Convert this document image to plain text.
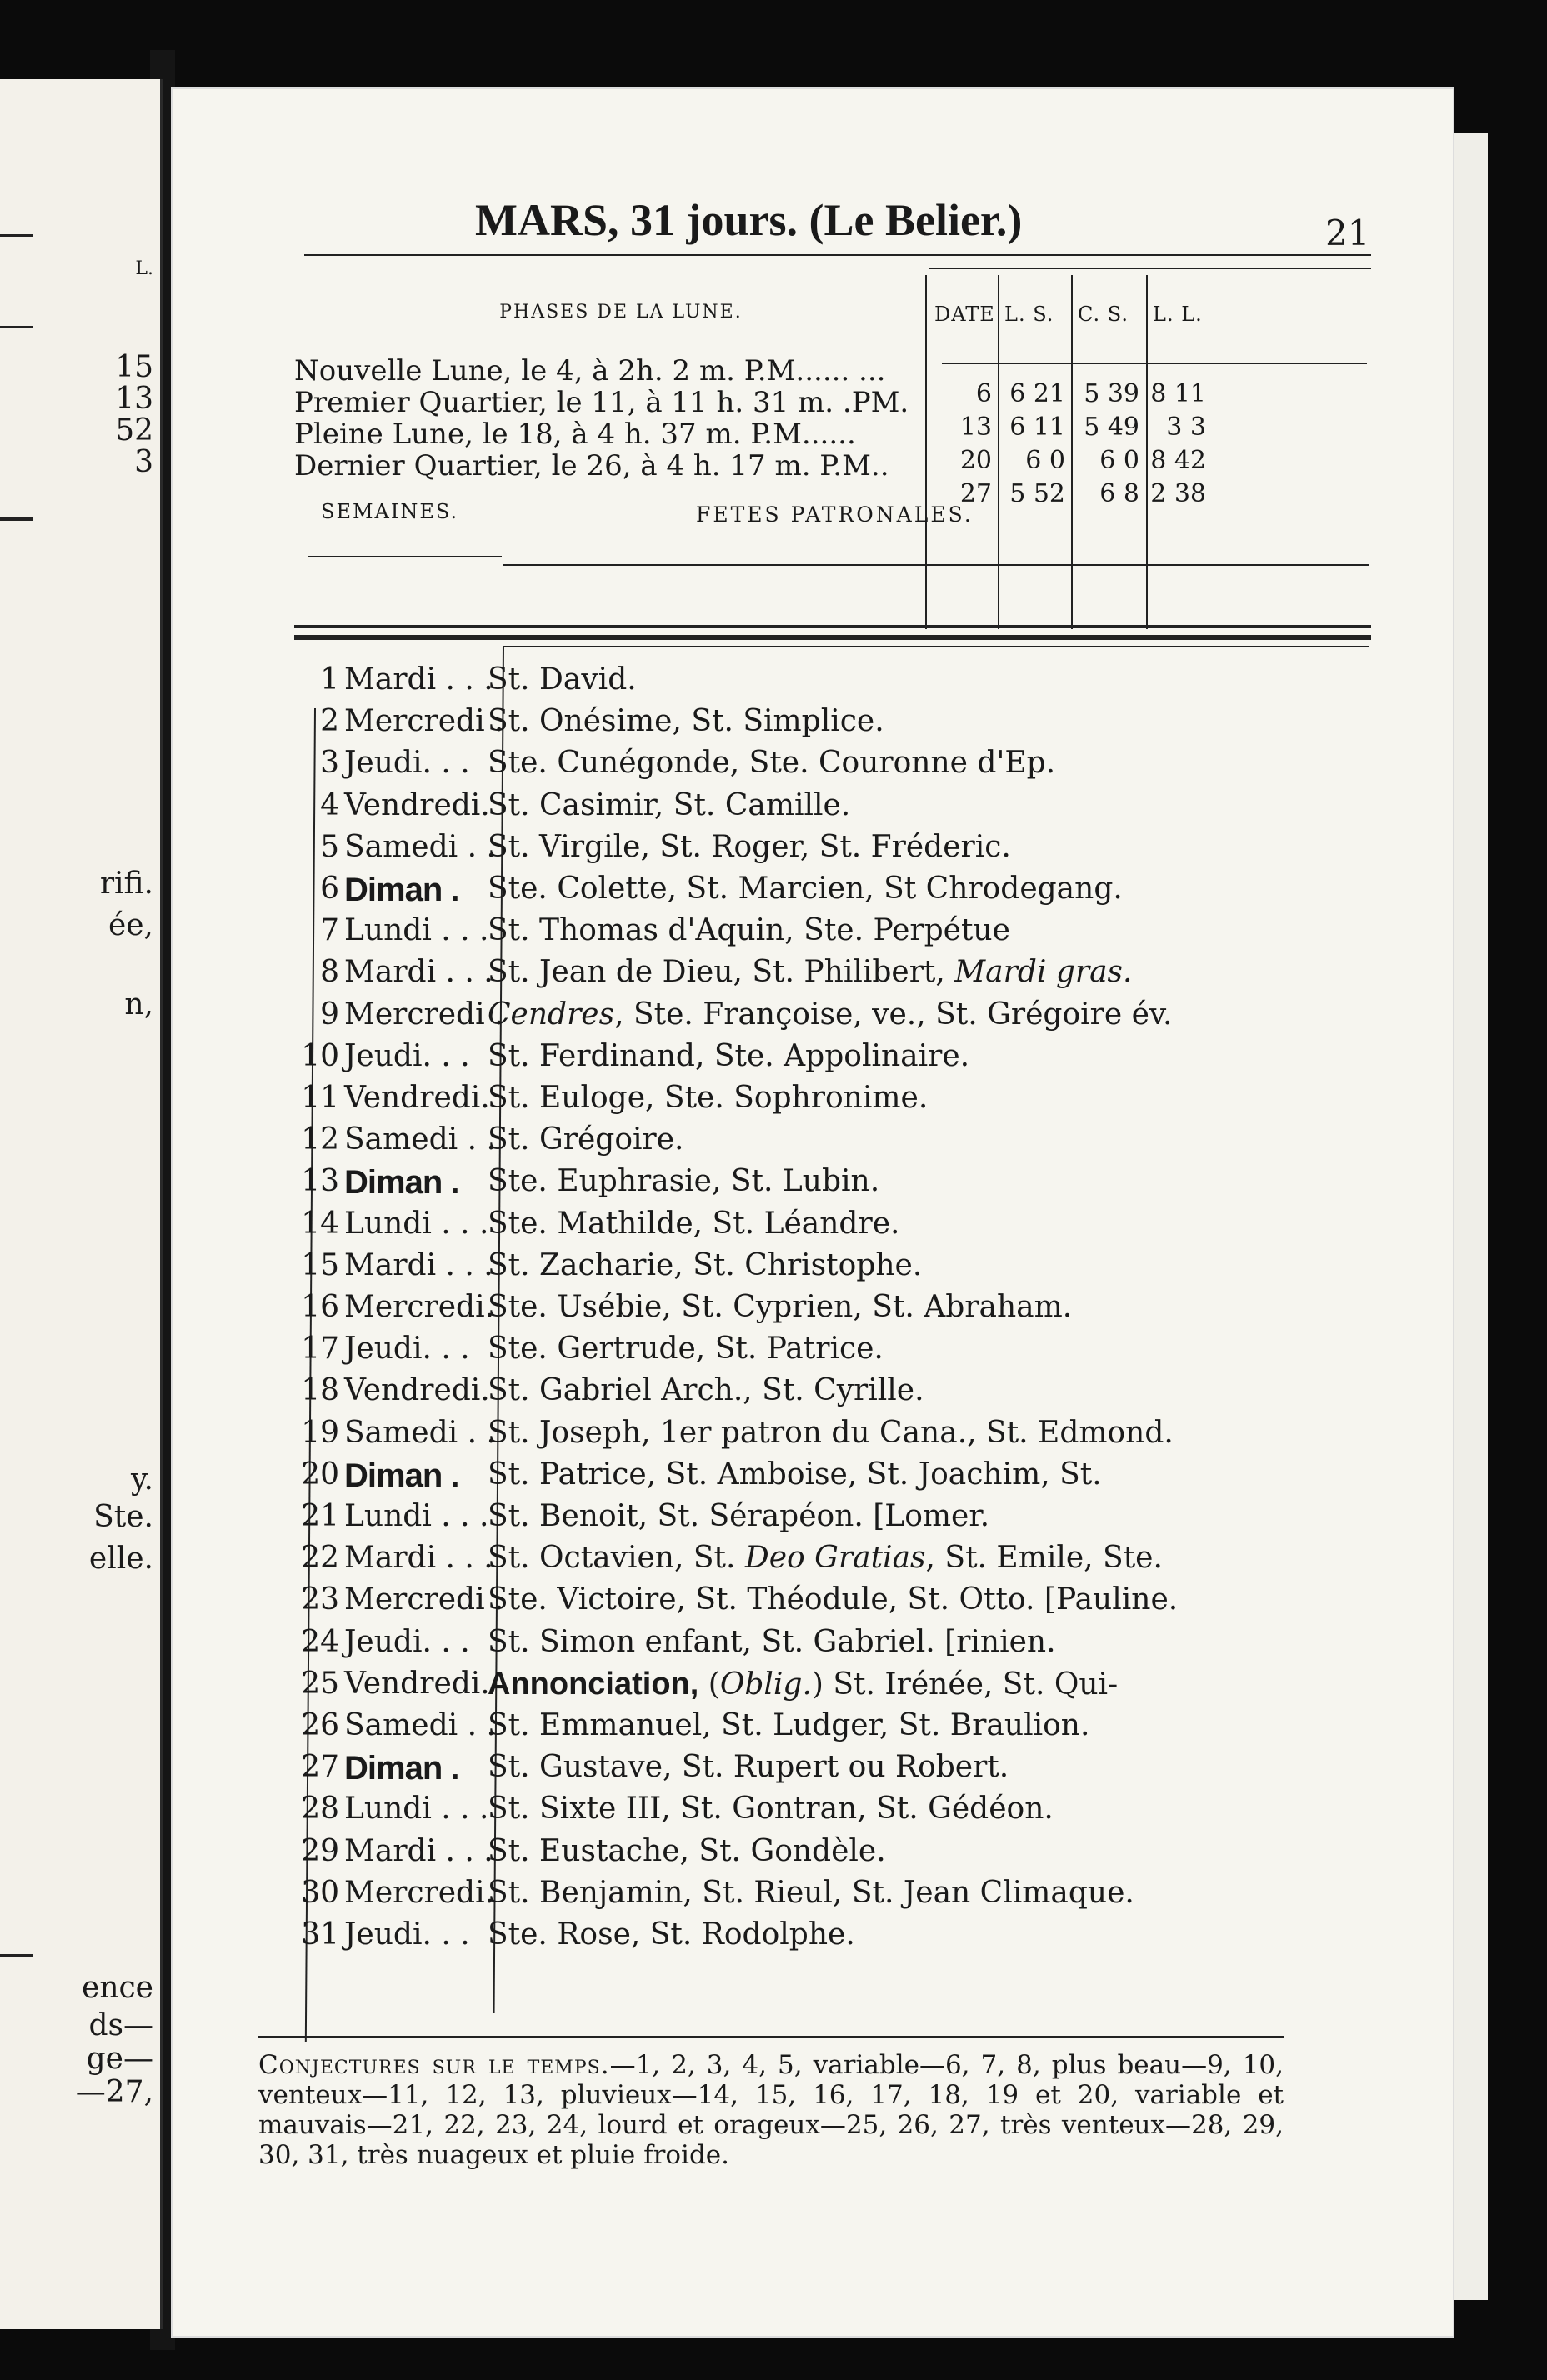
L.
15
13
52
3
rifi.
ée,
n,
y.
Ste.
elle.
ence
ds—
ge—
—27,
MARS, 31 jours. (Le Belier.)	21
PHASES DE LA LUNE.
Nouvelle Lune, le 4, à 2h. 2 m. P.M...... ...
Premier Quartier, le 11, à 11 h. 31 m. .PM.
Pleine Lune, le 18, à 4 h. 37 m. P.M......
Dernier Quartier, le 26, à 4 h. 17 m. P.M..
DATE L. S. C. S. L. L.
6 6 21 5 39 8 11
13 6 11 5 49 3 3
20 6 0 6 0 8 42
27 5 52 6 8 2 38
SEMAINES.	FETES PATRONALES.
1 Mardi . . .
St. David.
2 Mercredi .
St. Onésime, St. Simplice.
3 Jeudi. . . Ste. Cunégonde, Ste. Couronne d'Ep.
4 Vendredi.
St. Casimir, St. Camille.
5 Samedi . .
St. Virgile, St. Roger, St. Fréderic.
6 Diman . Ste. Colette, St. Marcien, St Chrodegang.
7 Lundi . . .
St. Thomas d'Aquin, Ste. Perpétue
8 Mardi . . .
St. Jean de Dieu, St. Philibert, Mardi gras.
9 Mercredi .
Cendres, Ste. Françoise, ve., St. Grégoire év.
10 Jeudi. . . St. Ferdinand, Ste. Appolinaire.
11 Vendredi.
St. Euloge, Ste. Sophronime.
12 Samedi . .
St. Grégoire.
13 Diman . Ste. Euphrasie, St. Lubin.
14 Lundi . . .
Ste. Mathilde, St. Léandre.
15 Mardi . . .
St. Zacharie, St. Christophe.
16 Mercredi.
Ste. Usébie, St. Cyprien, St. Abraham.
17 Jeudi. . . Ste. Gertrude, St. Patrice.
18 Vendredi.
St. Gabriel Arch., St. Cyrille.
19 Samedi . .
St. Joseph, 1er patron du Cana., St. Edmond.
20 Diman . St. Patrice, St. Amboise, St. Joachim, St.
21 Lundi . . .
St. Benoit, St. Sérapéon. [Lomer.
22 Mardi . . .
St. Octavien, St. Deo Gratias, St. Emile, Ste.
23 Mercredi .
Ste. Victoire, St. Théodule, St. Otto. [Pauline.
24 Jeudi. . . St. Simon enfant, St. Gabriel. [rinien.
25 Vendredi.
Annonciation, (Oblig.) St. Irénée, St. Qui-
26 Samedi . .
St. Emmanuel, St. Ludger, St. Braulion.
27 Diman . St. Gustave, St. Rupert ou Robert.
28 Lundi . . .
St. Sixte III, St. Gontran, St. Gédéon.
29 Mardi . . .
St. Eustache, St. Gondèle.
30 Mercredi.
St. Benjamin, St. Rieul, St. Jean Climaque.
31 Jeudi. . . Ste. Rose, St. Rodolphe.
Conjectures sur le temps.—1, 2, 3, 4, 5, variable—6, 7, 8, plus beau—9, 10, venteux—11, 12, 13, pluvieux—14, 15, 16, 17, 18, 19 et 20, variable et mauvais—21, 22, 23, 24, lourd et orageux—25, 26, 27, très venteux—28, 29, 30, 31, très nuageux et pluie froide.
